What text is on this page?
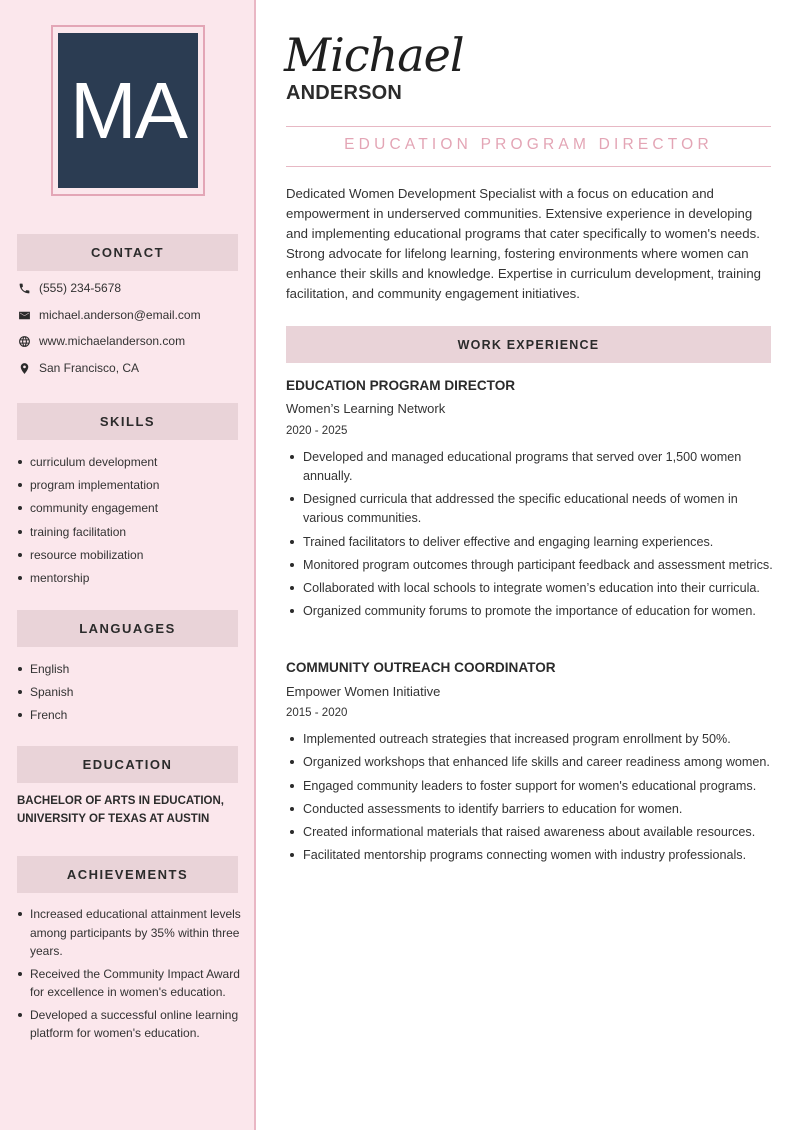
MA
CONTACT
(555) 234-5678
michael.anderson@email.com
www.michaelanderson.com
San Francisco, CA
SKILLS
curriculum development
program implementation
community engagement
training facilitation
resource mobilization
mentorship
LANGUAGES
English
Spanish
French
EDUCATION
BACHELOR OF ARTS IN EDUCATION, UNIVERSITY OF TEXAS AT AUSTIN
ACHIEVEMENTS
Increased educational attainment levels among participants by 35% within three years.
Received the Community Impact Award for excellence in women's education.
Developed a successful online learning platform for women's education.
Michael
ANDERSON
EDUCATION PROGRAM DIRECTOR
Dedicated Women Development Specialist with a focus on education and empowerment in underserved communities. Extensive experience in developing and implementing educational programs that cater specifically to women's needs. Strong advocate for lifelong learning, fostering environments where women can enhance their skills and knowledge. Expertise in curriculum development, training facilitation, and community engagement initiatives.
WORK EXPERIENCE
EDUCATION PROGRAM DIRECTOR
Women’s Learning Network
2020 - 2025
Developed and managed educational programs that served over 1,500 women annually.
Designed curricula that addressed the specific educational needs of women in various communities.
Trained facilitators to deliver effective and engaging learning experiences.
Monitored program outcomes through participant feedback and assessment metrics.
Collaborated with local schools to integrate women’s education into their curricula.
Organized community forums to promote the importance of education for women.
COMMUNITY OUTREACH COORDINATOR
Empower Women Initiative
2015 - 2020
Implemented outreach strategies that increased program enrollment by 50%.
Organized workshops that enhanced life skills and career readiness among women.
Engaged community leaders to foster support for women's educational programs.
Conducted assessments to identify barriers to education for women.
Created informational materials that raised awareness about available resources.
Facilitated mentorship programs connecting women with industry professionals.
